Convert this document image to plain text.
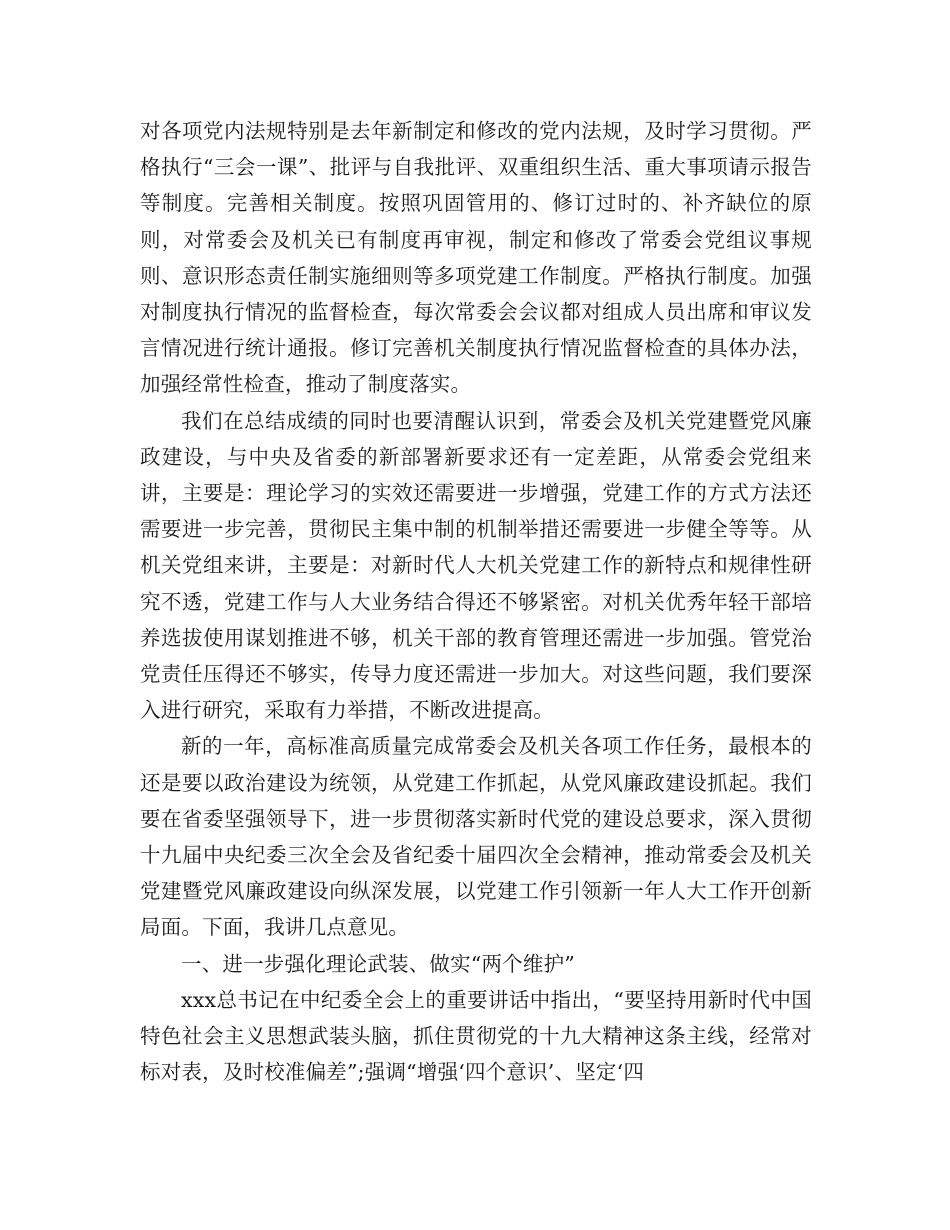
对各项党内法规特别是去年新制定和修改的党内法规，及时学习贯彻。严格执行“三会一课”、批评与自我批评、双重组织生活、重大事项请示报告等制度。完善相关制度。按照巩固管用的、修订过时的、补齐缺位的原则，对常委会及机关已有制度再审视，制定和修改了常委会党组议事规则、意识形态责任制实施细则等多项党建工作制度。严格执行制度。加强对制度执行情况的监督检查，每次常委会会议都对组成人员出席和审议发言情况进行统计通报。修订完善机关制度执行情况监督检查的具体办法，加强经常性检查，推动了制度落实。

我们在总结成绩的同时也要清醒认识到，常委会及机关党建暨党风廉政建设，与中央及省委的新部署新要求还有一定差距，从常委会党组来讲，主要是：理论学习的实效还需要进一步增强，党建工作的方式方法还需要进一步完善，贯彻民主集中制的机制举措还需要进一步健全等等。从机关党组来讲，主要是：对新时代人大机关党建工作的新特点和规律性研究不透，党建工作与人大业务结合得还不够紧密。对机关优秀年轻干部培养选拔使用谋划推进不够，机关干部的教育管理还需进一步加强。管党治党责任压得还不够实，传导力度还需进一步加大。对这些问题，我们要深入进行研究，采取有力举措，不断改进提高。

新的一年，高标准高质量完成常委会及机关各项工作任务，最根本的还是要以政治建设为统领，从党建工作抓起，从党风廉政建设抓起。我们要在省委坚强领导下，进一步贯彻落实新时代党的建设总要求，深入贯彻十九届中央纪委三次全会及省纪委十届四次全会精神，推动常委会及机关党建暨党风廉政建设向纵深发展，以党建工作引领新一年人大工作开创新局面。下面，我讲几点意见。

一、进一步强化理论武装、做实“两个维护”

xxx总书记在中纪委全会上的重要讲话中指出，“要坚持用新时代中国特色社会主义思想武装头脑，抓住贯彻党的十九大精神这条主线，经常对标对表，及时校准偏差”;强调“增强‘四个意识’、坚定‘四
